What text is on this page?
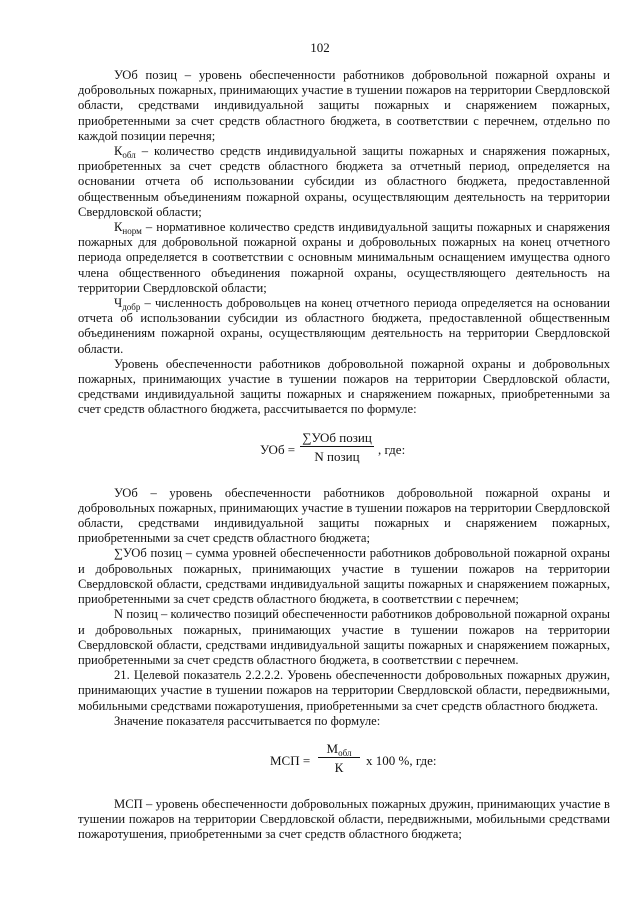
102

УОб позиц – уровень обеспеченности работников добровольной пожарной охраны и добровольных пожарных, принимающих участие в тушении пожаров на территории Свердловской области, средствами индивидуальной защиты пожарных и снаряжением пожарных, приобретенными за счет средств областного бюджета, в соответствии с перечнем, отдельно по каждой позиции перечня;

$К_{обл}$ – количество средств индивидуальной защиты пожарных и снаряжения пожарных, приобретенных за счет средств областного бюджета за отчетный период, определяется на основании отчета об использовании субсидии из областного бюджета, предоставленной общественным объединениям пожарной охраны, осуществляющим деятельность на территории Свердловской области;

$К_{норм}$ – нормативное количество средств индивидуальной защиты пожарных и снаряжения пожарных для добровольной пожарной охраны и добровольных пожарных на конец отчетного периода определяется в соответствии с основным минимальным оснащением имущества одного члена общественного объединения пожарной охраны, осуществляющего деятельность на территории Свердловской области;

$Ч_{добр}$ – численность добровольцев на конец отчетного периода определяется на основании отчета об использовании субсидии из областного бюджета, предоставленной общественным объединениям пожарной охраны, осуществляющим деятельность на территории Свердловской области.

Уровень обеспеченности работников добровольной пожарной охраны и добровольных пожарных, принимающих участие в тушении пожаров на территории Свердловской области, средствами индивидуальной защиты пожарных и снаряжением пожарных, приобретенными за счет средств областного бюджета, рассчитывается по формуле:

УОб =
∑УОб позиц
N позиц	, где:

УОб – уровень обеспеченности работников добровольной пожарной охраны и добровольных пожарных, принимающих участие в тушении пожаров на территории Свердловской области, средствами индивидуальной защиты пожарных и снаряжением пожарных, приобретенными за счет средств областного бюджета;

∑УОб позиц – сумма уровней обеспеченности работников добровольной пожарной охраны и добровольных пожарных, принимающих участие в тушении пожаров на территории Свердловской области, средствами индивидуальной защиты пожарных и снаряжением пожарных, приобретенными за счет средств областного бюджета, в соответствии с перечнем;

N позиц – количество позиций обеспеченности работников добровольной пожарной охраны и добровольных пожарных, принимающих участие в тушении пожаров на территории Свердловской области, средствами индивидуальной защиты пожарных и снаряжением пожарных, приобретенными за счет средств областного бюджета, в соответствии с перечнем.

21. Целевой показатель 2.2.2.2. Уровень обеспеченности добровольных пожарных дружин, принимающих участие в тушении пожаров на территории Свердловской области, передвижными, мобильными средствами пожаротушения, приобретенными за счет средств областного бюджета.

Значение показателя рассчитывается по формуле:

МСП =
$М_{обл}$
К	х 100 %, где:

МСП – уровень обеспеченности добровольных пожарных дружин, принимающих участие в тушении пожаров на территории Свердловской области, передвижными, мобильными средствами пожаротушения, приобретенными за счет средств областного бюджета;
